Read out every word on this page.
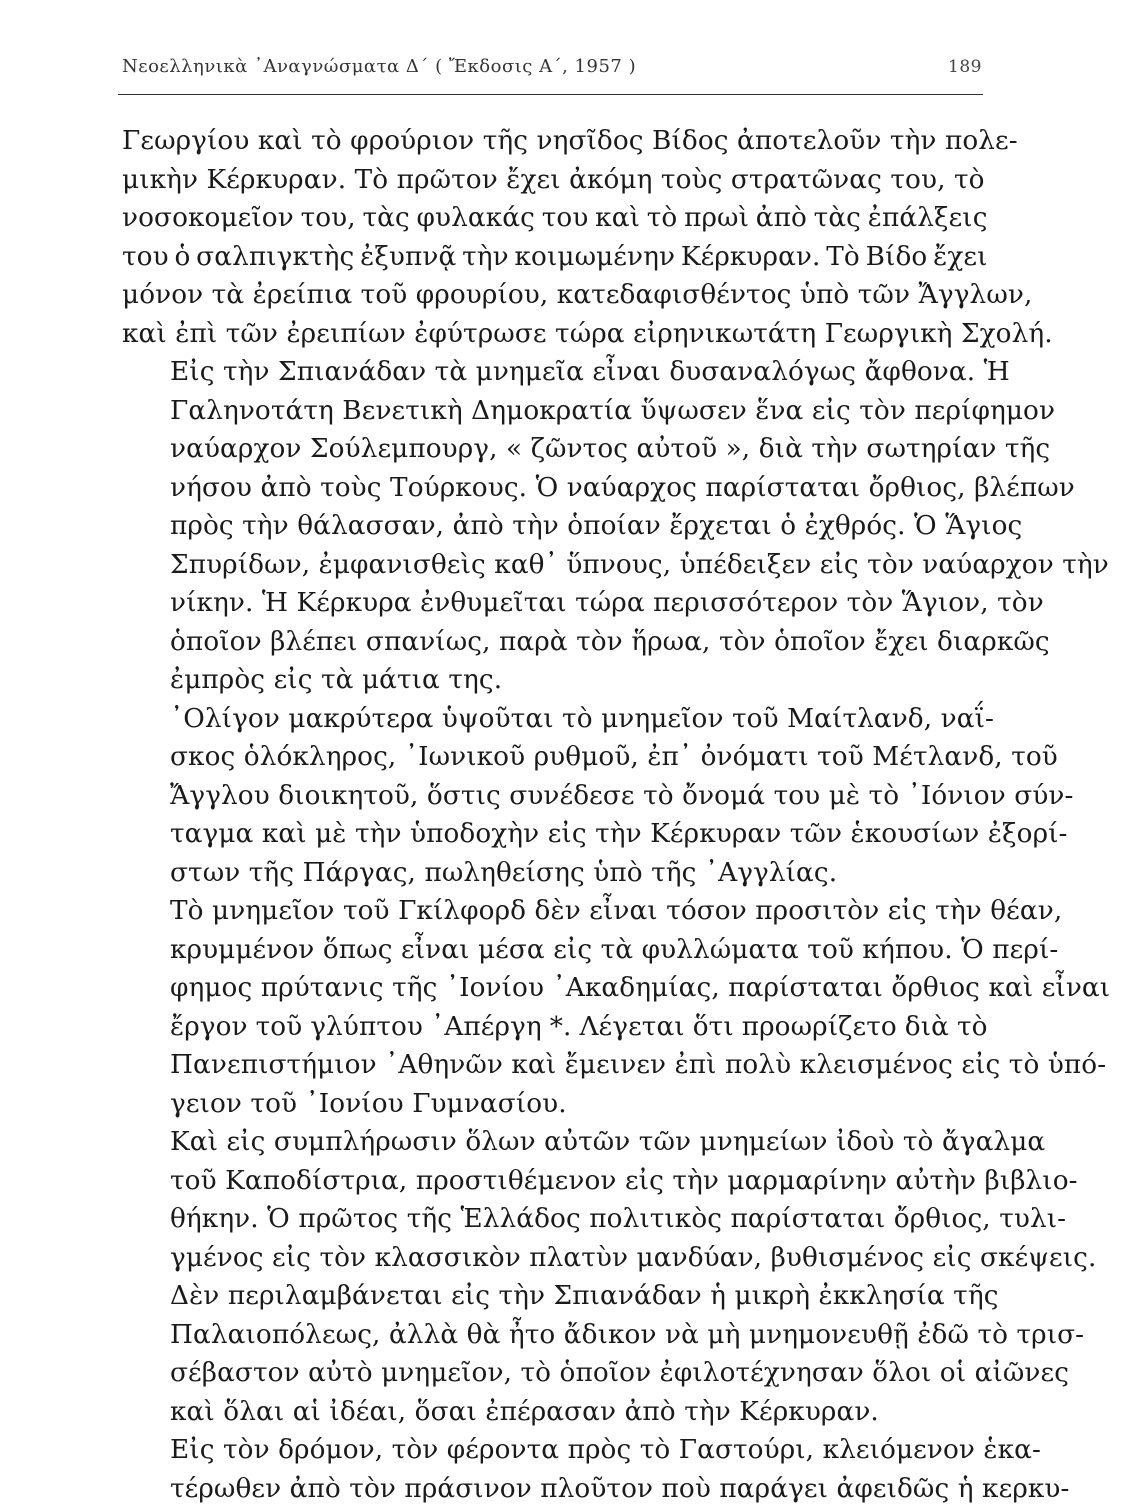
Νεοελληνικὰ ᾿Αναγνώσματα Δ΄ ( Ἔκδοσις Α΄, 1957 )	189

Γεωργίου καὶ τὸ φρούριον τῆς νησῖδος Βίδος ἀποτελοῦν τὴν πολε-
μικὴν Κέρκυραν. Τὸ πρῶτον ἔχει ἀκόμη τοὺς στρατῶνας του, τὸ
νοσοκομεῖον του, τὰς φυλακάς του καὶ τὸ πρωὶ ἀπὸ τὰς ἐπάλξεις
του ὁ σαλπιγκτὴς ἐξυπνᾷ τὴν κοιμωμένην Κέρκυραν. Τὸ Βίδο ἔχει
μόνον τὰ ἐρείπια τοῦ φρουρίου, κατεδαφισθέντος ὑπὸ τῶν Ἄγγλων,
καὶ ἐπὶ τῶν ἐρειπίων ἐφύτρωσε τώρα εἰρηνικωτάτη Γεωργικὴ Σχολή.

Εἰς τὴν Σπιανάδαν τὰ μνημεῖα εἶναι δυσαναλόγως ἄφθονα. Ἡ
Γαληνοτάτη Βενετικὴ Δημοκρατία ὕψωσεν ἕνα εἰς τὸν περίφημον
ναύαρχον Σούλεμπουργ, « ζῶντος αὐτοῦ », διὰ τὴν σωτηρίαν τῆς
νήσου ἀπὸ τοὺς Τούρκους. Ὁ ναύαρχος παρίσταται ὄρθιος, βλέπων
πρὸς τὴν θάλασσαν, ἀπὸ τὴν ὁποίαν ἔρχεται ὁ ἐχθρός. Ὁ Ἅγιος
Σπυρίδων, ἐμφανισθεὶς καθ᾿ ὕπνους, ὑπέδειξεν εἰς τὸν ναύαρχον τὴν
νίκην. Ἡ Κέρκυρα ἐνθυμεῖται τώρα περισσότερον τὸν Ἅγιον, τὸν
ὁποῖον βλέπει σπανίως, παρὰ τὸν ἥρωα, τὸν ὁποῖον ἔχει διαρκῶς
ἐμπρὸς εἰς τὰ μάτια της.

᾿Ολίγον μακρύτερα ὑψοῦται τὸ μνημεῖον τοῦ Μαίτλανδ, ναΐ-
σκος ὁλόκληρος, ᾿Ιωνικοῦ ρυθμοῦ, ἐπ᾿ ὀνόματι τοῦ Μέτλανδ, τοῦ
Ἄγγλου διοικητοῦ, ὅστις συνέδεσε τὸ ὄνομά του μὲ τὸ ᾿Ιόνιον σύν-
ταγμα καὶ μὲ τὴν ὑποδοχὴν εἰς τὴν Κέρκυραν τῶν ἑκουσίων ἐξορί-
στων τῆς Πάργας, πωληθείσης ὑπὸ τῆς ᾿Αγγλίας.

Τὸ μνημεῖον τοῦ Γκίλφορδ δὲν εἶναι τόσον προσιτὸν εἰς τὴν θέαν,
κρυμμένον ὅπως εἶναι μέσα εἰς τὰ φυλλώματα τοῦ κήπου. Ὁ περί-
φημος πρύτανις τῆς ᾿Ιονίου ᾿Ακαδημίας, παρίσταται ὄρθιος καὶ εἶναι
ἔργον τοῦ γλύπτου ᾿Απέργη *. Λέγεται ὅτι προωρίζετο διὰ τὸ
Πανεπιστήμιον ᾿Αθηνῶν καὶ ἔμεινεν ἐπὶ πολὺ κλεισμένος εἰς τὸ ὑπό-
γειον τοῦ ᾿Ιονίου Γυμνασίου.

Καὶ εἰς συμπλήρωσιν ὅλων αὐτῶν τῶν μνημείων ἰδοὺ τὸ ἄγαλμα
τοῦ Καποδίστρια, προστιθέμενον εἰς τὴν μαρμαρίνην αὐτὴν βιβλιο-
θήκην. Ὁ πρῶτος τῆς Ἑλλάδος πολιτικὸς παρίσταται ὄρθιος, τυλι-
γμένος εἰς τὸν κλασσικὸν πλατὺν μανδύαν, βυθισμένος εἰς σκέψεις.

Δὲν περιλαμβάνεται εἰς τὴν Σπιανάδαν ἡ μικρὴ ἐκκλησία τῆς
Παλαιοπόλεως, ἀλλὰ θὰ ἦτο ἄδικον νὰ μὴ μνημονευθῇ ἐδῶ τὸ τρισ-
σέβαστον αὐτὸ μνημεῖον, τὸ ὁποῖον ἐφιλοτέχνησαν ὅλοι οἱ αἰῶνες
καὶ ὅλαι αἱ ἰδέαι, ὅσαι ἐπέρασαν ἀπὸ τὴν Κέρκυραν.

Εἰς τὸν δρόμον, τὸν φέροντα πρὸς τὸ Γαστούρι, κλειόμενον ἑκα-
τέρωθεν ἀπὸ τὸν πράσινον πλοῦτον ποὺ παράγει ἀφειδῶς ἡ κερκυ-
